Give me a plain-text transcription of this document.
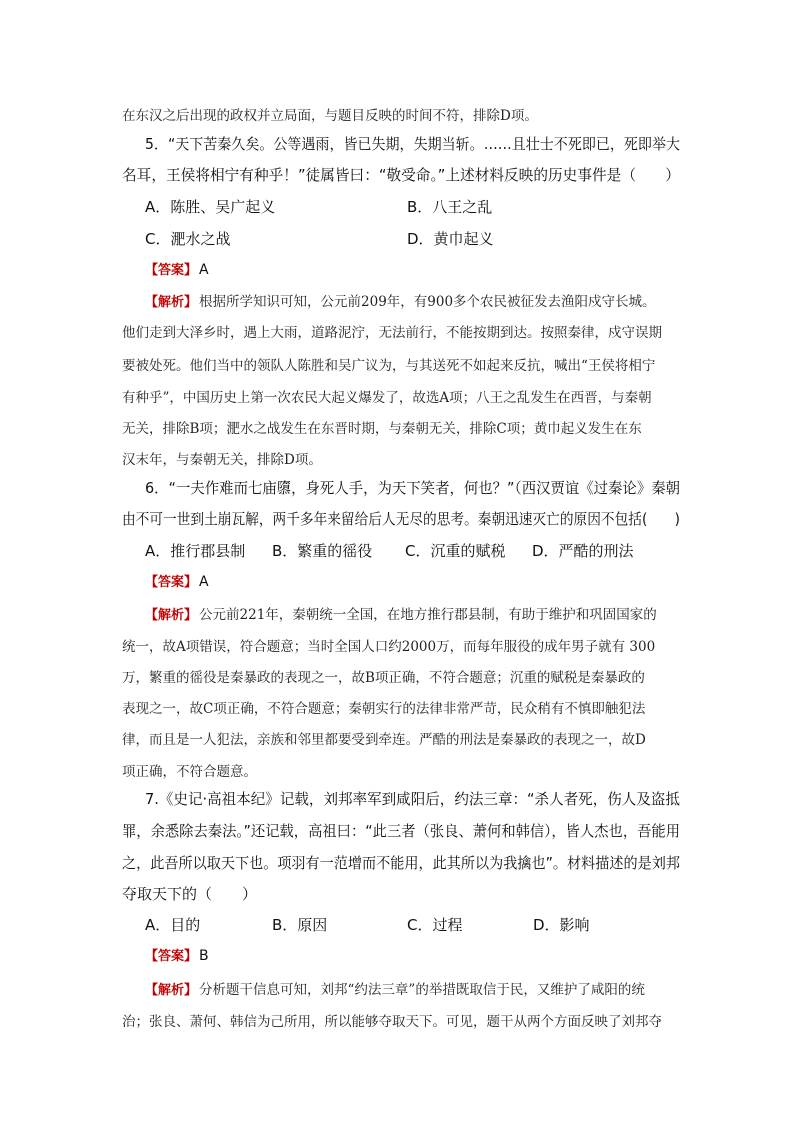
在东汉之后出现的政权并立局面，与题目反映的时间不符，排除D项。
5．“天下苦秦久矣。公等遇雨，皆已失期，失期当斩。……且壮士不死即已，死即举大
名耳，王侯将相宁有种乎！”徒属皆曰：“敬受命。”上述材料反映的历史事件是（　　）
A．陈胜、吴广起义	B．八王之乱
C．淝水之战	D．黄巾起义
【答案】 A
【解析】 根据所学知识可知，公元前209年，有900多个农民被征发去渔阳戍守长城。
他们走到大泽乡时，遇上大雨，道路泥泞，无法前行，不能按期到达。按照秦律，戍守误期
要被处死。他们当中的领队人陈胜和吴广议为，与其送死不如起来反抗，喊出“王侯将相宁
有种乎”，中国历史上第一次农民大起义爆发了，故选A项；八王之乱发生在西晋，与秦朝
无关，排除B项；淝水之战发生在东晋时期，与秦朝无关，排除C项；黄巾起义发生在东
汉末年，与秦朝无关，排除D项。
6．“一夫作难而七庙隳，身死人手，为天下笑者，何也？”（西汉贾谊《过秦论》秦朝
由不可一世到土崩瓦解，两千多年来留给后人无尽的思考。秦朝迅速灭亡的原因不包括(　　)
A．推行郡县制 B．繁重的徭役 C．沉重的赋税 D．严酷的刑法
【答案】 A
【解析】 公元前221年，秦朝统一全国，在地方推行郡县制，有助于维护和巩固国家的
统一，故A项错误，符合题意；当时全国人口约2000万，而每年服役的成年男子就有 300
万，繁重的徭役是秦暴政的表现之一，故B项正确，不符合题意；沉重的赋税是秦暴政的
表现之一，故C项正确，不符合题意；秦朝实行的法律非常严苛，民众稍有不慎即触犯法
律，而且是一人犯法，亲族和邻里都要受到牵连。严酷的刑法是秦暴政的表现之一，故D
项正确，不符合题意。
7.《史记·高祖本纪》记载，刘邦率军到咸阳后，约法三章：“杀人者死，伤人及盗抵
罪，余悉除去秦法。”还记载，高祖曰：“此三者（张良、萧何和韩信），皆人杰也，吾能用
之，此吾所以取天下也。项羽有一范增而不能用，此其所以为我擒也”。材料描述的是刘邦
夺取天下的（　　）
A．目的	B．原因	C．过程	D．影响
【答案】 B
【解析】 分析题干信息可知，刘邦“约法三章”的举措既取信于民，又维护了咸阳的统
治；张良、萧何、韩信为己所用，所以能够夺取天下。可见，题干从两个方面反映了刘邦夺
